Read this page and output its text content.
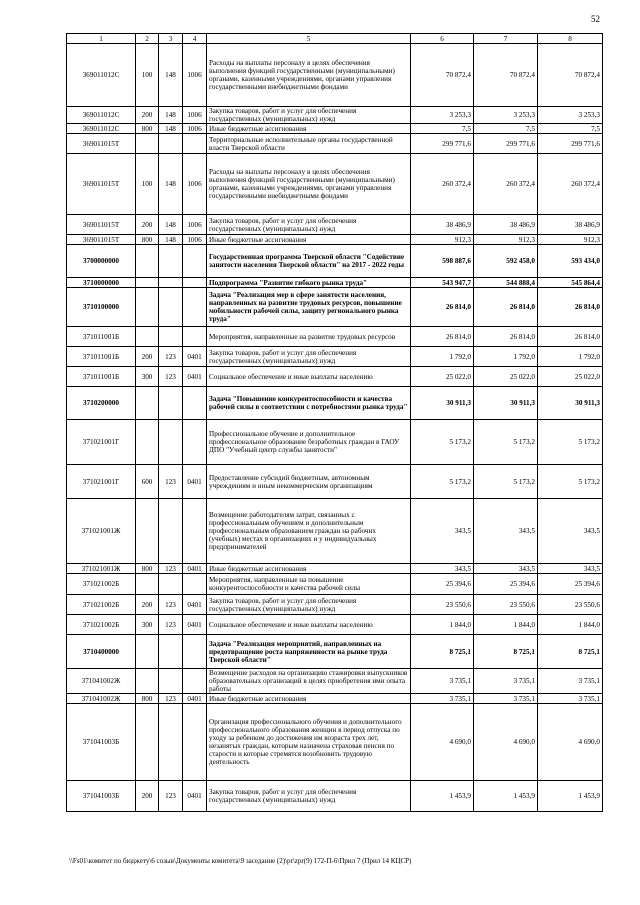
52
1	2	3	4	5	6	7	8
369011012С	100	148	1006	Расходы на выплаты персоналу в целях обеспечения выполнения функций государственными (муниципальными) органами, казенными учреждениями, органами управления государственными внебюджетными фондами	70 872,4	70 872,4	70 872,4
369011012С	200	148	1006	Закупка товаров, работ и услуг для обеспечения государственных (муниципальных) нужд	3 253,3	3 253,3	3 253,3
369011012С	800	148	1006	Иные бюджетные ассигнования	7,5	7,5	7,5
369011015Т				Территориальные исполнительные органы государственной власти Тверской области	299 771,6	299 771,6	299 771,6
369011015Т	100	148	1006	Расходы на выплаты персоналу в целях обеспечения выполнения функций государственными (муниципальными) органами, казенными учреждениями, органами управления государственными внебюджетными фондами	260 372,4	260 372,4	260 372,4
369011015Т	200	148	1006	Закупка товаров, работ и услуг для обеспечения государственных (муниципальных) нужд	38 486,9	38 486,9	38 486,9
369011015Т	800	148	1006	Иные бюджетные ассигнования	912,3	912,3	912,3
3700000000				Государственная программа Тверской области "Содействие занятости населения Тверской области" на 2017 - 2022 годы	598 887,6	592 458,0	593 434,0
3710000000				Подпрограмма "Развитие гибкого рынка труда"	543 947,7	544 888,4	545 864,4
3710100000				Задача "Реализация мер в сфере занятости населения, направленных на развитие трудовых ресурсов, повышение мобильности рабочей силы, защиту регионального рынка труда"	26 814,0	26 814,0	26 814,0
371011001Б				Мероприятия, направленные на развитие трудовых ресурсов	26 814,0	26 814,0	26 814,0
371011001Б	200	123	0401	Закупка товаров, работ и услуг для обеспечения государственных (муниципальных) нужд	1 792,0	1 792,0	1 792,0
371011001Б	300	123	0401	Социальное обеспечение и иные выплаты населению	25 022,0	25 022,0	25 022,0
3710200000				Задача "Повышение конкурентоспособности и качества рабочей силы в соответствии с потребностями рынка труда"	30 911,3	30 911,3	30 911,3
371021001Г				Профессиональное обучение и дополнительное профессиональное образование безработных граждан в ГАОУ ДПО "Учебный центр службы занятости"	5 173,2	5 173,2	5 173,2
371021001Г	600	123	0401	Предоставление субсидий бюджетным, автономным учреждениям и иным некоммерческим организациям	5 173,2	5 173,2	5 173,2
371021001Ж				Возмещение работодателям затрат, связанных с профессиональным обучением и дополнительным профессиональным образованием граждан на рабочих (учебных) местах в организациях и у индивидуальных предпринимателей	343,5	343,5	343,5
371021001Ж	800	123	0401	Иные бюджетные ассигнования	343,5	343,5	343,5
371021002Б				Мероприятия, направленные на повышение конкурентоспособности и качества рабочей силы	25 394,6	25 394,6	25 394,6
371021002Б	200	123	0401	Закупка товаров, работ и услуг для обеспечения государственных (муниципальных) нужд	23 550,6	23 550,6	23 550,6
371021002Б	300	123	0401	Социальное обеспечение и иные выплаты населению	1 844,0	1 844,0	1 844,0
3710400000				Задача "Реализация мероприятий, направленных на предотвращение роста напряженности на рынке труда Тверской области"	8 725,1	8 725,1	8 725,1
371041002Ж				Возмещение расходов на организацию стажировки выпускников образовательных организаций в целях приобретения ими опыта работы	3 735,1	3 735,1	3 735,1
371041002Ж	800	123	0401	Иные бюджетные ассигнования	3 735,1	3 735,1	3 735,1
371041003Б				Организация профессионального обучения и дополнительного профессионального образования женщин в период отпуска по уходу за ребенком до достижения им возраста трех лет, незанятых граждан, которым назначена страховая пенсия по старости и которые стремятся возобновить трудовую деятельность	4 690,0	4 690,0	4 690,0
371041003Б	200	123	0401	Закупка товаров, работ и услуг для обеспечения государственных (муниципальных) нужд	1 453,9	1 453,9	1 453,9
\\Fs01\комитет по бюджету\6 созыв\Документы комитета\9 заседание (2)\pr\zpr(9) 172-П-6\Прил 7 (Прил 14 КЦСР)
